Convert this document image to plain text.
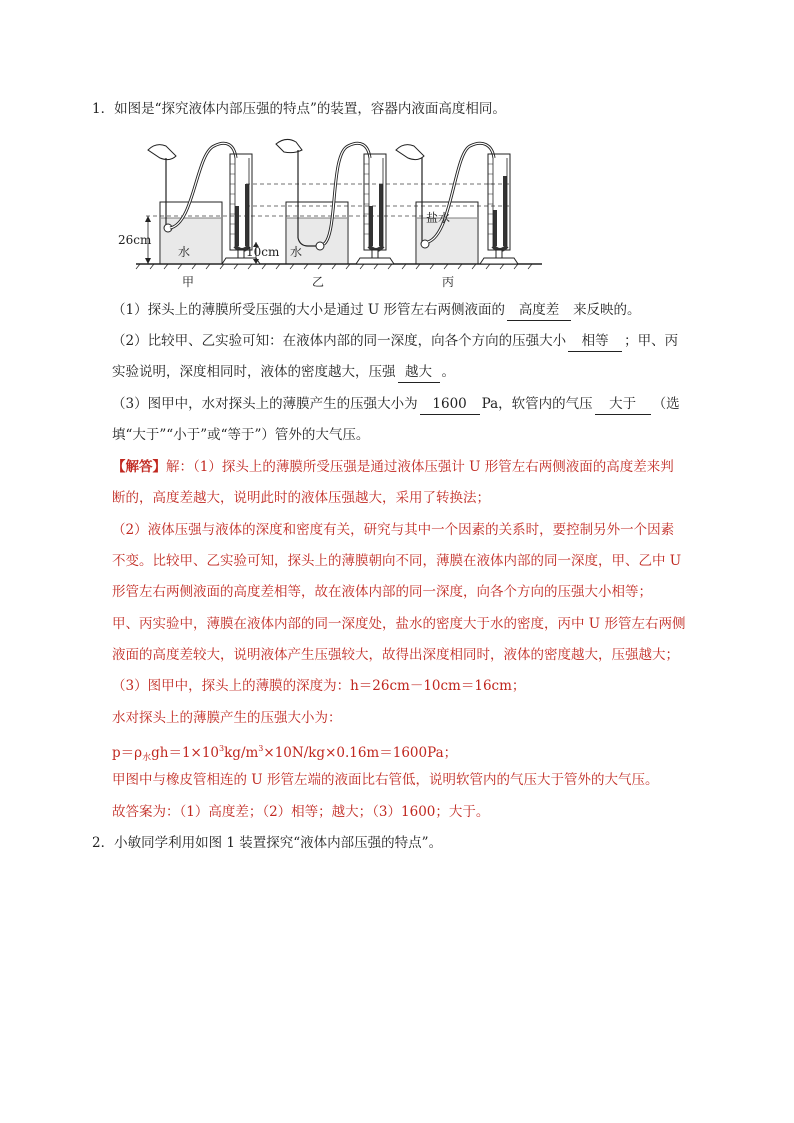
1．如图是“探究液体内部压强的特点”的装置，容器内液面高度相同。
26cm
水
甲
10cm 水
乙
盐水
丙
（1）探头上的薄膜所受压强的大小是通过 U 形管左右两侧液面的 高度差 来反映的。
（2）比较甲、乙实验可知：在液体内部的同一深度，向各个方向的压强大小 相等 ；甲、丙
实验说明，深度相同时，液体的密度越大，压强 越大 。
（3）图甲中，水对探头上的薄膜产生的压强大小为 1600 Pa，软管内的气压 大于 （选
填“大于”“小于”或“等于”）管外的大气压。
【解答】解：（1）探头上的薄膜所受压强是通过液体压强计 U 形管左右两侧液面的高度差来判
断的，高度差越大，说明此时的液体压强越大，采用了转换法；
（2）液体压强与液体的深度和密度有关，研究与其中一个因素的关系时，要控制另外一个因素
不变。比较甲、乙实验可知，探头上的薄膜朝向不同，薄膜在液体内部的同一深度，甲、乙中 U
形管左右两侧液面的高度差相等，故在液体内部的同一深度，向各个方向的压强大小相等；
甲、丙实验中，薄膜在液体内部的同一深度处，盐水的密度大于水的密度，丙中 U 形管左右两侧
液面的高度差较大，说明液体产生压强较大，故得出深度相同时，液体的密度越大，压强越大；
（3）图甲中，探头上的薄膜的深度为：h＝26cm－10cm＝16cm；
水对探头上的薄膜产生的压强大小为：
$p=\rho_水gh=1\times 10^3kg/m^3\times 10N/kg\times 0.16m=1600Pa$；
甲图中与橡皮管相连的 U 形管左端的液面比右管低，说明软管内的气压大于管外的大气压。
故答案为：（1）高度差；（2）相等；越大；（3）1600；大于。
2．小敏同学利用如图 1 装置探究“液体内部压强的特点”。
